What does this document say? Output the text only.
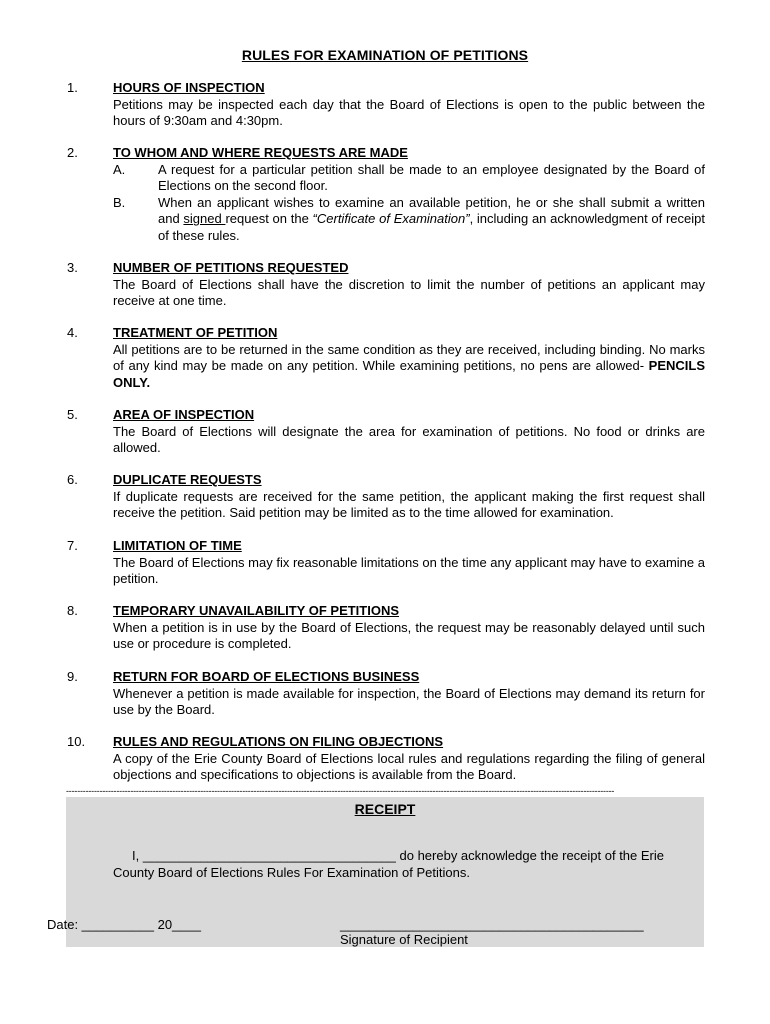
RULES FOR EXAMINATION OF PETITIONS
1.	HOURS OF INSPECTION
Petitions may be inspected each day that the Board of Elections is open to the public between the hours of 9:30am and 4:30pm.
2.	TO WHOM AND WHERE REQUESTS ARE MADE
A.	A request for a particular petition shall be made to an employee designated by the Board of Elections on the second floor.
B.	When an applicant wishes to examine an available petition, he or she shall submit a written and signed request on the “Certificate of Examination”, including an acknowledgment of receipt of these rules.
3.	NUMBER OF PETITIONS REQUESTED
The Board of Elections shall have the discretion to limit the number of petitions an applicant may receive at one time.
4.	TREATMENT OF PETITION
All petitions are to be returned in the same condition as they are received, including binding. No marks of any kind may be made on any petition. While examining petitions, no pens are allowed- PENCILS ONLY.
5.	AREA OF INSPECTION
The Board of Elections will designate the area for examination of petitions. No food or drinks are allowed.
6.	DUPLICATE REQUESTS
If duplicate requests are received for the same petition, the applicant making the first request shall receive the petition. Said petition may be limited as to the time allowed for examination.
7.	LIMITATION OF TIME
The Board of Elections may fix reasonable limitations on the time any applicant may have to examine a petition.
8.	TEMPORARY UNAVAILABILITY OF PETITIONS
When a petition is in use by the Board of Elections, the request may be reasonably delayed until such use or procedure is completed.
9.	RETURN FOR BOARD OF ELECTIONS BUSINESS
Whenever a petition is made available for inspection, the Board of Elections may demand its return for use by the Board.
10. RULES AND REGULATIONS ON FILING OBJECTIONS
A copy of the Erie County Board of Elections local rules and regulations regarding the filing of general objections and specifications to objections is available from the Board.
----------------------------------------------------------------------------------------------------------------------------------------------------------------------------------------------------
RECEIPT
I, ___________________________________ do hereby acknowledge the receipt of the Erie
County Board of Elections Rules For Examination of Petitions.
Date: __________ 20____	__________________________________________
Signature of Recipient
